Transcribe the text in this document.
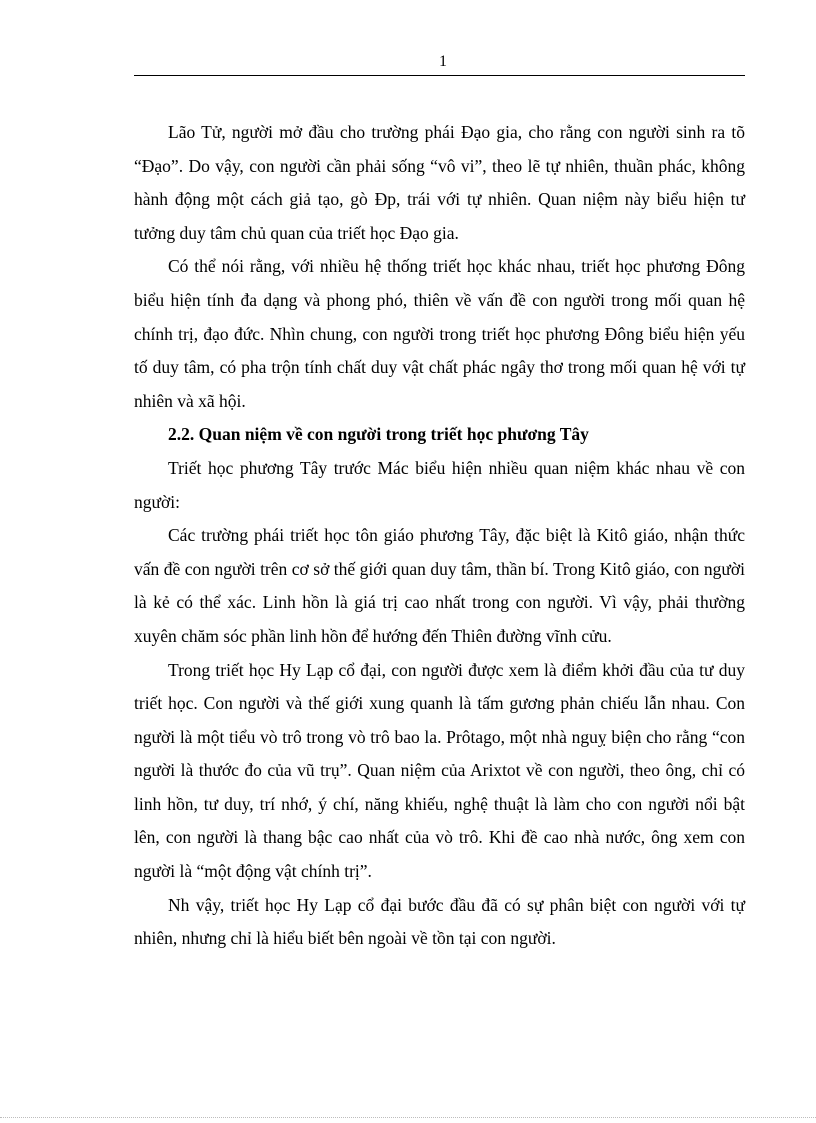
1

Lão Tử, người mở đầu cho trường phái Đạo gia, cho rằng con người sinh ra tõ “Đạo”. Do vậy, con người cần phải sống “vô vi”, theo lẽ tự nhiên, thuần phác, không hành động một cách giả tạo, gò Đp, trái với tự nhiên. Quan niệm này biểu hiện tư tưởng duy tâm chủ quan của triết học Đạo gia.

Có thể nói rằng, với nhiều hệ thống triết học khác nhau, triết học phương Đông biểu hiện tính đa dạng và phong phó, thiên về vấn đề con người trong mối quan hệ chính trị, đạo đức. Nhìn chung, con người trong triết học phương Đông biểu hiện yếu tố duy tâm, có pha trộn tính chất duy vật chất phác ngây thơ trong mối quan hệ với tự nhiên và xã hội.

2.2. Quan niệm về con người trong triết học phương Tây

Triết học phương Tây trước Mác biểu hiện nhiều quan niệm khác nhau về con người:

Các trường phái triết học tôn giáo phương Tây, đặc biệt là Kitô giáo, nhận thức vấn đề con người trên cơ sở thế giới quan duy tâm, thần bí. Trong Kitô giáo, con người là kẻ có thể xác. Linh hồn là giá trị cao nhất trong con người. Vì vậy, phải thường xuyên chăm sóc phần linh hồn để hướng đến Thiên đường vĩnh cửu.

Trong triết học Hy Lạp cổ đại, con người được xem là điểm khởi đầu của tư duy triết học. Con người và thế giới xung quanh là tấm gương phản chiếu lẫn nhau. Con người là một tiểu vò trô trong vò trô bao la. Prôtago, một nhà nguỵ biện cho rằng “con người là thước đo của vũ trụ”. Quan niệm của Arixtot về con người, theo ông, chỉ có linh hồn, tư duy, trí nhớ, ý chí, năng khiếu, nghệ thuật là làm cho con người nổi bật lên, con người là thang bậc cao nhất của vò trô. Khi đề cao nhà nước, ông xem con người là “một động vật chính trị”.

Nh vậy, triết học Hy Lạp cổ đại bước đầu đã có sự phân biệt con người với tự nhiên, nhưng chỉ là hiểu biết bên ngoài về tồn tại con người.
